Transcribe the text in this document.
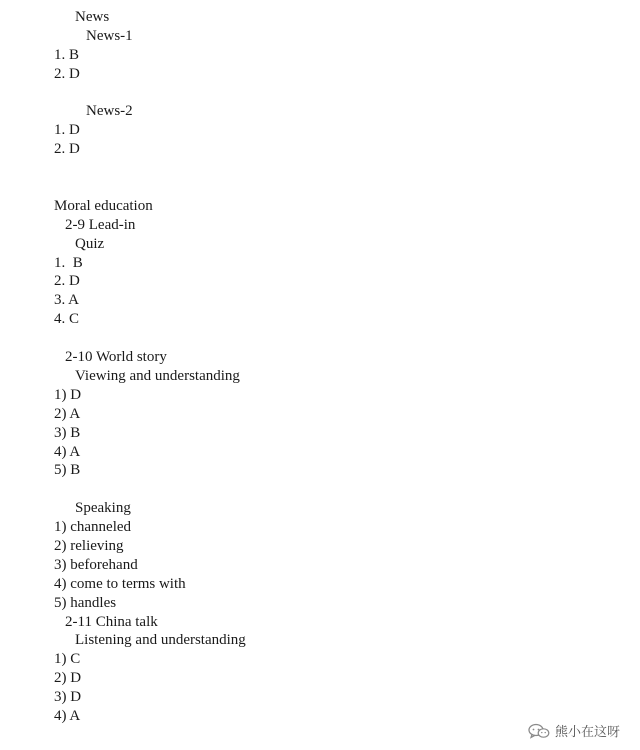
News
News-1
1. B
2. D
News-2
1. D
2. D
Moral education
2-9 Lead-in
Quiz
1.  B
2. D
3. A
4. C
2-10 World story
Viewing and understanding
1) D
2) A
3) B
4) A
5) B
Speaking
1) channeled
2) relieving
3) beforehand
4) come to terms with
5) handles
2-11 China talk
Listening and understanding
1) C
2) D
3) D
4) A
熊小在这呀
